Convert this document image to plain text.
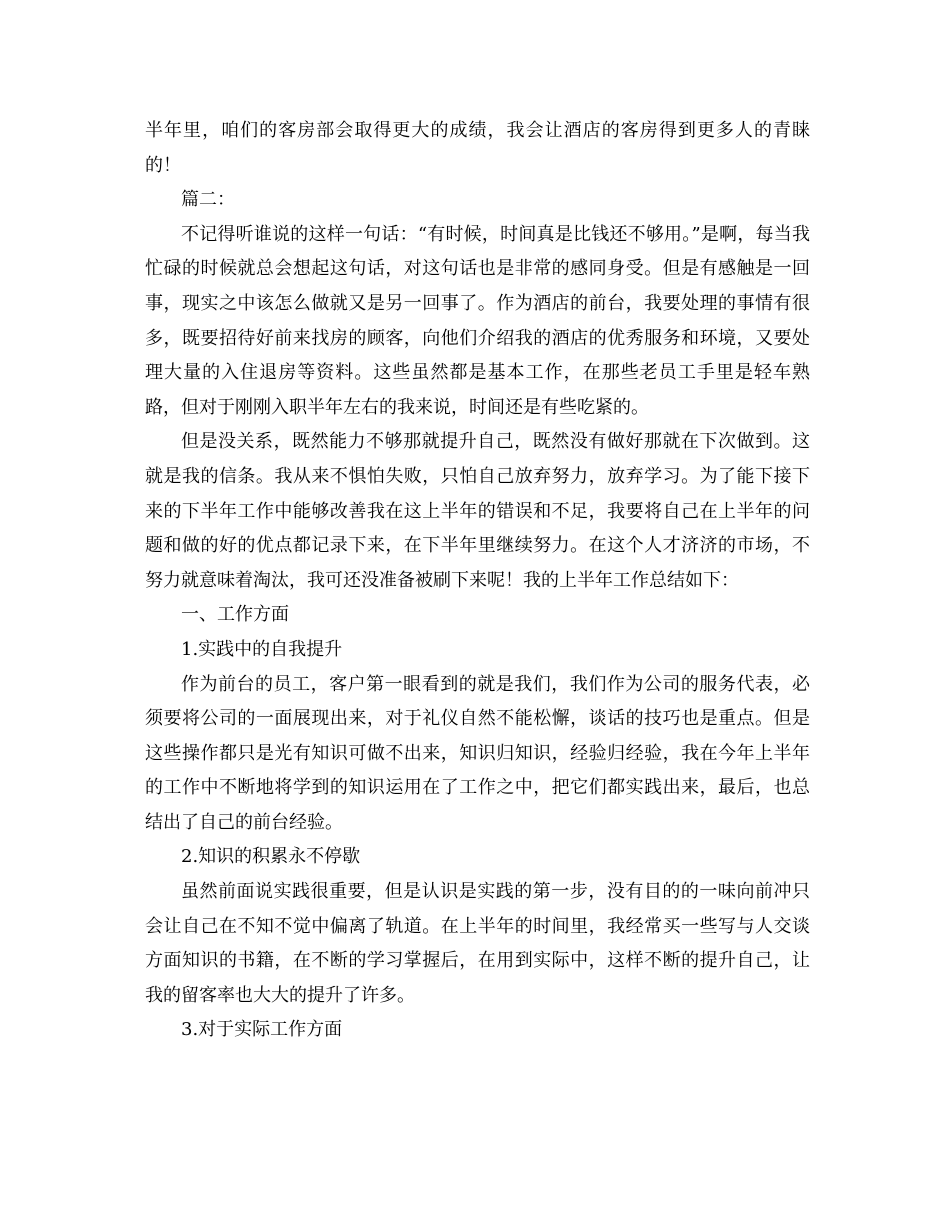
半年里，咱们的客房部会取得更大的成绩，我会让酒店的客房得到更多人的青睐的！

篇二：

不记得听谁说的这样一句话：“有时候，时间真是比钱还不够用。”是啊，每当我忙碌的时候就总会想起这句话，对这句话也是非常的感同身受。但是有感触是一回事，现实之中该怎么做就又是另一回事了。作为酒店的前台，我要处理的事情有很多，既要招待好前来找房的顾客，向他们介绍我的酒店的优秀服务和环境，又要处理大量的入住退房等资料。这些虽然都是基本工作，在那些老员工手里是轻车熟路，但对于刚刚入职半年左右的我来说，时间还是有些吃紧的。

但是没关系，既然能力不够那就提升自己，既然没有做好那就在下次做到。这就是我的信条。我从来不惧怕失败，只怕自己放弃努力，放弃学习。为了能下接下来的下半年工作中能够改善我在这上半年的错误和不足，我要将自己在上半年的问题和做的好的优点都记录下来，在下半年里继续努力。在这个人才济济的市场，不努力就意味着淘汰，我可还没准备被刷下来呢！我的上半年工作总结如下：

一、工作方面

1.实践中的自我提升

作为前台的员工，客户第一眼看到的就是我们，我们作为公司的服务代表，必须要将公司的一面展现出来，对于礼仪自然不能松懈，谈话的技巧也是重点。但是这些操作都只是光有知识可做不出来，知识归知识，经验归经验，我在今年上半年的工作中不断地将学到的知识运用在了工作之中，把它们都实践出来，最后，也总结出了自己的前台经验。

2.知识的积累永不停歇

虽然前面说实践很重要，但是认识是实践的第一步，没有目的的一味向前冲只会让自己在不知不觉中偏离了轨道。在上半年的时间里，我经常买一些写与人交谈方面知识的书籍，在不断的学习掌握后，在用到实际中，这样不断的提升自己，让我的留客率也大大的提升了许多。

3.对于实际工作方面
